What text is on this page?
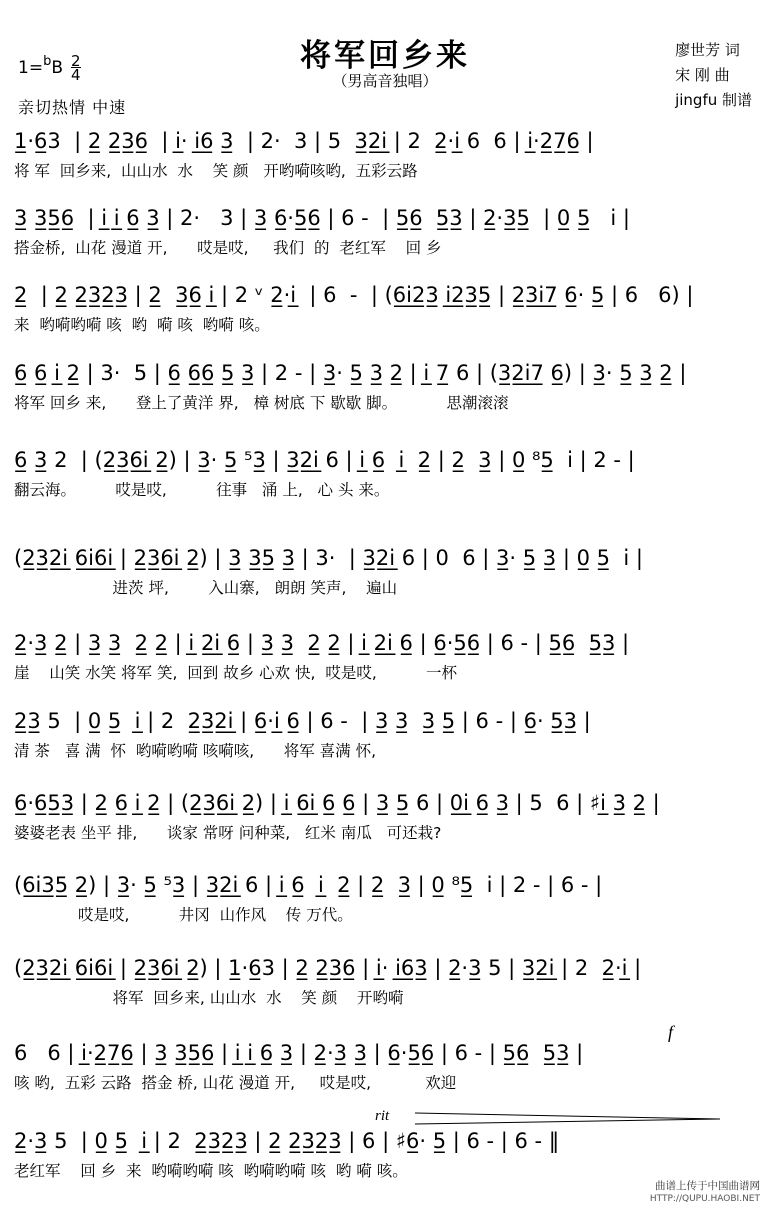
将军回乡来
（男高音独唱）
廖世芳 词
宋 刚 曲
jingfu 制谱
1= b B $\frac{2}{4}$
亲切热情 中速
1̲·6̲3  | 2̲ 2̲3̲6̲  | i̲· i̲6̲ 3̲  | 2·  3 | 5  3̲2̲i̲ | 2  2̲·i̲ 6  6 | i̲·2̲7̲6̲ |
将 军  回乡来,  山山水  水    笑 颜   开哟嗬咳哟,  五彩云路
3̲ 3̲5̲6̲  | i̲ i̲ 6̲ 3̲ | 2·   3 | 3̲ 6̲·5̲6̲ | 6 -  | 5̲6̲  5̲3̲ | 2̲·3̲5̲  | 0̲ 5̲   i |
搭金桥,  山花 漫道 开,      哎是哎,     我们  的  老红军    回 乡
2̲  | 2̲ 2̲3̲2̲3̲ | 2̲  3̲6̲ i̲ | 2 ᵛ 2̲·i̲  | 6  -  | (6̲i̲2̲3̲ i̲2̲3̲5̲ | 2̲3̲i̲7̲ 6̲· 5̲ | 6   6) |
来  哟嗬哟嗬 咳  哟  嗬 咳  哟嗬 咳。
6̲ 6̲ i̲ 2̲ | 3·  5 | 6̲ 6̲6̲ 5̲ 3̲ | 2 - | 3̲· 5̲ 3̲ 2̲ | i̲ 7̲ 6 | (3̲2̲i̲7̲ 6̲) | 3̲· 5̲ 3̲ 2̲ |
将军 回乡 来,      登上了黄洋 界,   樟 树底 下 歇歇 脚。          思潮滚滚
6̲ 3̲ 2  | (2̲3̲6̲i̲ 2̲) | 3̲· 5̲ ⁵3̲ | 3̲2̲i̲ 6 | i̲ 6̲  i̲  2̲ | 2̲  3̲ | 0̲ ⁸5̲  i | 2 - |
翻云海。        哎是哎,          往事   涌 上,   心 头 来。
(2̲3̲2̲i̲ 6̲i̲6̲i̲ | 2̲3̲6̲i̲ 2̲) | 3̲ 3̲5̲ 3̲ | 3·  | 3̲2̲i̲ 6 | 0  6 | 3̲· 5̲ 3̲ | 0̲ 5̲  i |
进茨 坪,        入山寨,   朗朗 笑声,    遍山
2̲·3̲ 2̲ | 3̲ 3̲  2̲ 2̲ | i̲ 2̲i̲ 6̲ | 3̲ 3̲  2̲ 2̲ | i̲ 2̲i̲ 6̲ | 6̲·5̲6̲ | 6 - | 5̲6̲  5̲3̲ |
崖    山笑 水笑 将军 笑,  回到 故乡 心欢 快,  哎是哎,          一杯
2̲3̲ 5  | 0̲ 5̲  i̲ | 2  2̲3̲2̲i̲ | 6̲·i̲ 6̲ | 6 -  | 3̲ 3̲  3̲ 5̲ | 6 - | 6̲· 5̲3̲ |
清 茶   喜 满  怀  哟嗬哟嗬 咳嗬咳,      将军 喜满 怀,
6̲·6̲5̲3̲ | 2̲ 6̲ i̲ 2̲ | (2̲3̲6̲i̲ 2̲) | i̲ 6̲i̲ 6̲ 6̲ | 3̲ 5̲ 6 | 0̲i̲ 6̲ 3̲ | 5  6 | ♯i̲ 3̲ 2̲ |
婆婆老表 坐平 排,      谈家 常呀 问种菜,   红米 南瓜   可还栽?
(6̲i̲3̲5̲ 2̲) | 3̲· 5̲ ⁵3̲ | 3̲2̲i̲ 6 | i̲ 6̲  i̲  2̲ | 2̲  3̲ | 0̲ ⁸5̲  i | 2 - | 6 - |
哎是哎,          井冈  山作风    传 万代。
(2̲3̲2̲i̲ 6̲i̲6̲i̲ | 2̲3̲6̲i̲ 2̲) | 1̲·6̲3 | 2̲ 2̲3̲6̲ | i̲· i̲6̲3̲ | 2̲·3̲ 5 | 3̲2̲i̲ | 2  2̲·i̲ |
将军  回乡来, 山山水  水    笑 颜    开哟嗬
6   6 | i̲·2̲7̲6̲ | 3̲ 3̲5̲6̲ | i̲ i̲ 6̲ 3̲ | 2̲·3̲ 3̲ | 6̲·5̲6̲ | 6 - | 5̲6̲  5̲3̲ |
咳 哟,  五彩 云路  搭金 桥, 山花 漫道 开,     哎是哎,           欢迎
2̲·3̲ 5  | 0̲ 5̲  i̲ | 2  2̲3̲2̲3̲ | 2̲ 2̲3̲2̲3̲ | 6 | ♯6̲· 5̲ | 6 - | 6 - ‖
老红军    回 乡  来  哟嗬哟嗬 咳  哟嗬哟嗬 咳  哟 嗬 咳。
f
rit
曲谱上传于中国曲谱网
HTTP://QUPU.HAOBI.NET
